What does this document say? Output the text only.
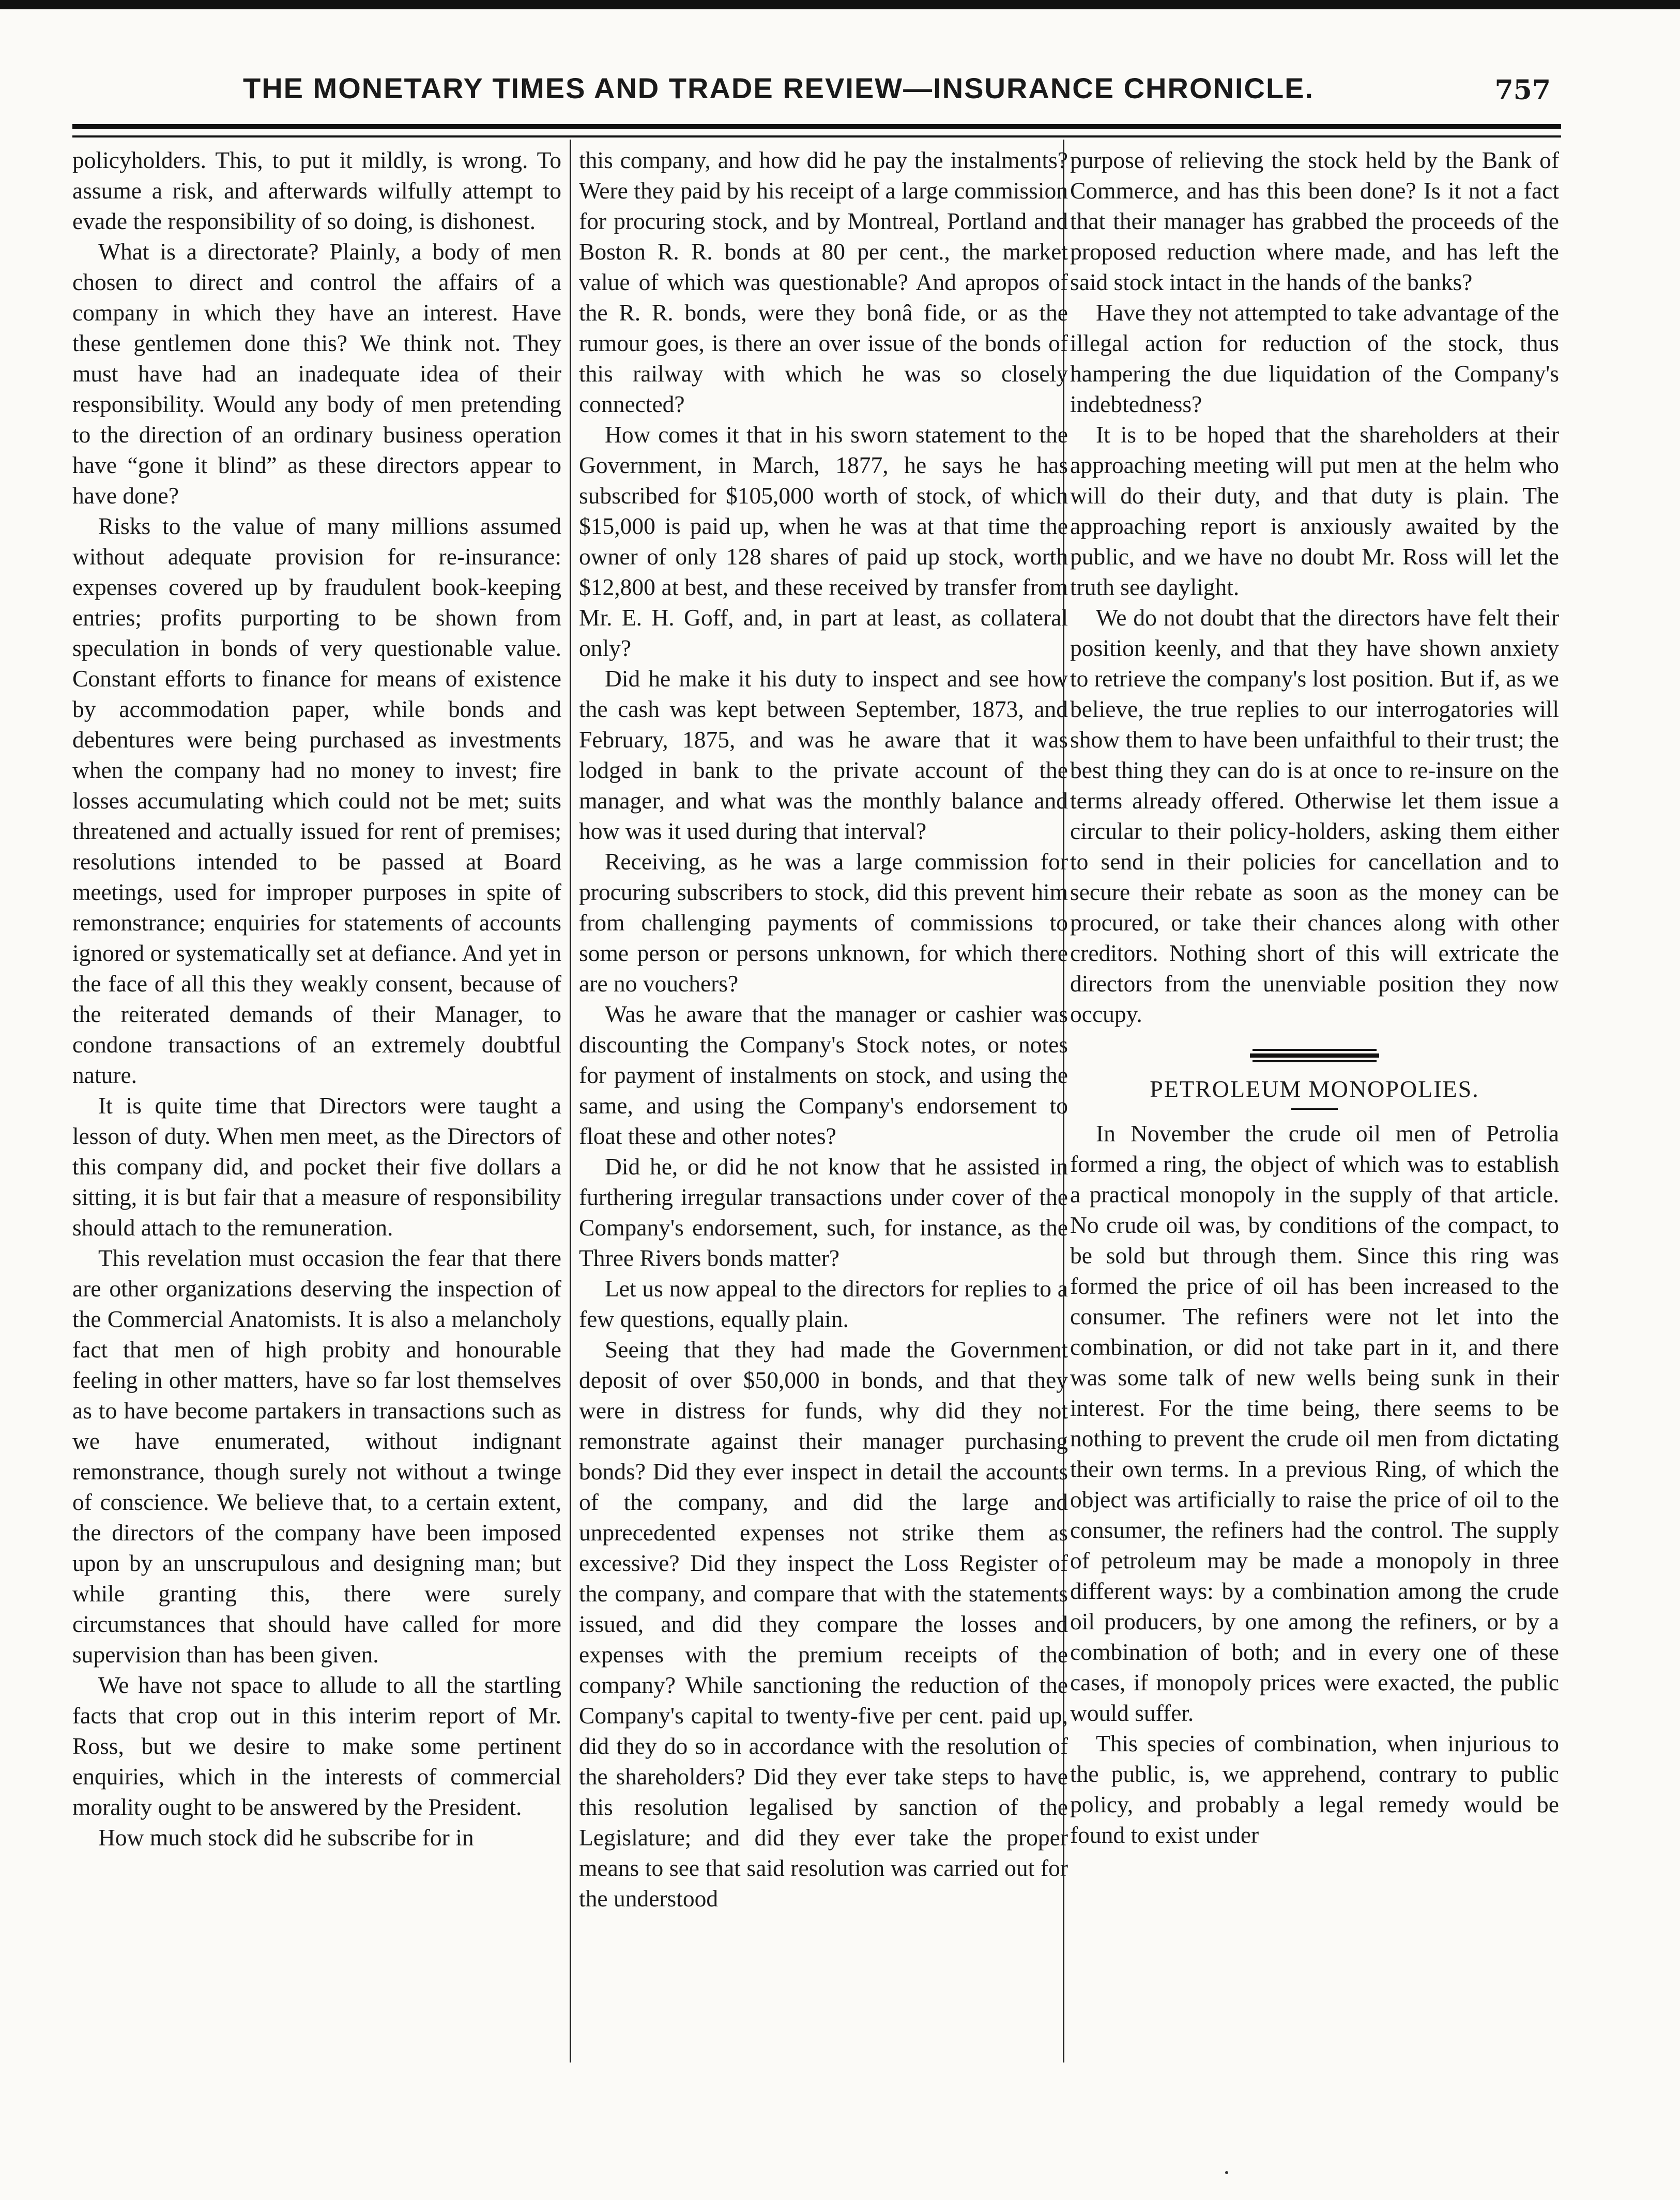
THE MONETARY TIMES AND TRADE REVIEW—INSURANCE CHRONICLE.	757

policyholders. This, to put it mildly, is wrong. To assume a risk, and afterwards wilfully attempt to evade the responsibility of so doing, is dishonest.

What is a directorate? Plainly, a body of men chosen to direct and control the affairs of a company in which they have an interest. Have these gentlemen done this? We think not. They must have had an inadequate idea of their responsibility. Would any body of men pretending to the direction of an ordinary business operation have “gone it blind” as these directors appear to have done?

Risks to the value of many millions assumed without adequate provision for re-insurance: expenses covered up by fraudulent book-keeping entries; profits purporting to be shown from speculation in bonds of very questionable value. Constant efforts to finance for means of existence by accommodation paper, while bonds and debentures were being purchased as investments when the company had no money to invest; fire losses accumulating which could not be met; suits threatened and actually issued for rent of premises; resolutions intended to be passed at Board meetings, used for improper purposes in spite of remonstrance; enquiries for statements of accounts ignored or systematically set at defiance. And yet in the face of all this they weakly consent, because of the reiterated demands of their Manager, to condone transactions of an extremely doubtful nature.

It is quite time that Directors were taught a lesson of duty. When men meet, as the Directors of this company did, and pocket their five dollars a sitting, it is but fair that a measure of responsibility should attach to the remuneration.

This revelation must occasion the fear that there are other organizations deserving the inspection of the Commercial Anatomists. It is also a melancholy fact that men of high probity and honourable feeling in other matters, have so far lost themselves as to have become partakers in transactions such as we have enumerated, without indignant remonstrance, though surely not without a twinge of conscience. We believe that, to a certain extent, the directors of the company have been imposed upon by an unscrupulous and designing man; but while granting this, there were surely circumstances that should have called for more supervision than has been given.

We have not space to allude to all the startling facts that crop out in this interim report of Mr. Ross, but we desire to make some pertinent enquiries, which in the interests of commercial morality ought to be answered by the President.

How much stock did he subscribe for in

this company, and how did he pay the instalments? Were they paid by his receipt of a large commission for procuring stock, and by Montreal, Portland and Boston R. R. bonds at 80 per cent., the market value of which was questionable? And apropos of the R. R. bonds, were they bonâ fide, or as the rumour goes, is there an over issue of the bonds of this railway with which he was so closely connected?

How comes it that in his sworn statement to the Government, in March, 1877, he says he has subscribed for $105,000 worth of stock, of which $15,000 is paid up, when he was at that time the owner of only 128 shares of paid up stock, worth $12,800 at best, and these received by transfer from Mr. E. H. Goff, and, in part at least, as collateral only?

Did he make it his duty to inspect and see how the cash was kept between September, 1873, and February, 1875, and was he aware that it was lodged in bank to the private account of the manager, and what was the monthly balance and how was it used during that interval?

Receiving, as he was a large commission for procuring subscribers to stock, did this prevent him from challenging payments of commissions to some person or persons unknown, for which there are no vouchers?

Was he aware that the manager or cashier was discounting the Company's Stock notes, or notes for payment of instalments on stock, and using the same, and using the Company's endorsement to float these and other notes?

Did he, or did he not know that he assisted in furthering irregular transactions under cover of the Company's endorsement, such, for instance, as the Three Rivers bonds matter?

Let us now appeal to the directors for replies to a few questions, equally plain.

Seeing that they had made the Government deposit of over $50,000 in bonds, and that they were in distress for funds, why did they not remonstrate against their manager purchasing bonds? Did they ever inspect in detail the accounts of the company, and did the large and unprecedented expenses not strike them as excessive? Did they inspect the Loss Register of the company, and compare that with the statements issued, and did they compare the losses and expenses with the premium receipts of the company? While sanctioning the reduction of the Company's capital to twenty-five per cent. paid up, did they do so in accordance with the resolution of the shareholders? Did they ever take steps to have this resolution legalised by sanction of the Legislature; and did they ever take the proper means to see that said resolution was carried out for the understood

purpose of relieving the stock held by the Bank of Commerce, and has this been done? Is it not a fact that their manager has grabbed the proceeds of the proposed reduction where made, and has left the said stock intact in the hands of the banks?

Have they not attempted to take advantage of the illegal action for reduction of the stock, thus hampering the due liquidation of the Company's indebtedness?

It is to be hoped that the shareholders at their approaching meeting will put men at the helm who will do their duty, and that duty is plain. The approaching report is anxiously awaited by the public, and we have no doubt Mr. Ross will let the truth see daylight.

We do not doubt that the directors have felt their position keenly, and that they have shown anxiety to retrieve the company's lost position. But if, as we believe, the true replies to our interrogatories will show them to have been unfaithful to their trust; the best thing they can do is at once to re-insure on the terms already offered. Otherwise let them issue a circular to their policy-holders, asking them either to send in their policies for cancellation and to secure their rebate as soon as the money can be procured, or take their chances along with other creditors. Nothing short of this will extricate the directors from the unenviable position they now occupy.

PETROLEUM MONOPOLIES.

In November the crude oil men of Petrolia formed a ring, the object of which was to establish a practical monopoly in the supply of that article. No crude oil was, by conditions of the compact, to be sold but through them. Since this ring was formed the price of oil has been increased to the consumer. The refiners were not let into the combination, or did not take part in it, and there was some talk of new wells being sunk in their interest. For the time being, there seems to be nothing to prevent the crude oil men from dictating their own terms. In a previous Ring, of which the object was artificially to raise the price of oil to the consumer, the refiners had the control. The supply of petroleum may be made a monopoly in three different ways: by a combination among the crude oil producers, by one among the refiners, or by a combination of both; and in every one of these cases, if monopoly prices were exacted, the public would suffer.

This species of combination, when injurious to the public, is, we apprehend, contrary to public policy, and probably a legal remedy would be found to exist under
